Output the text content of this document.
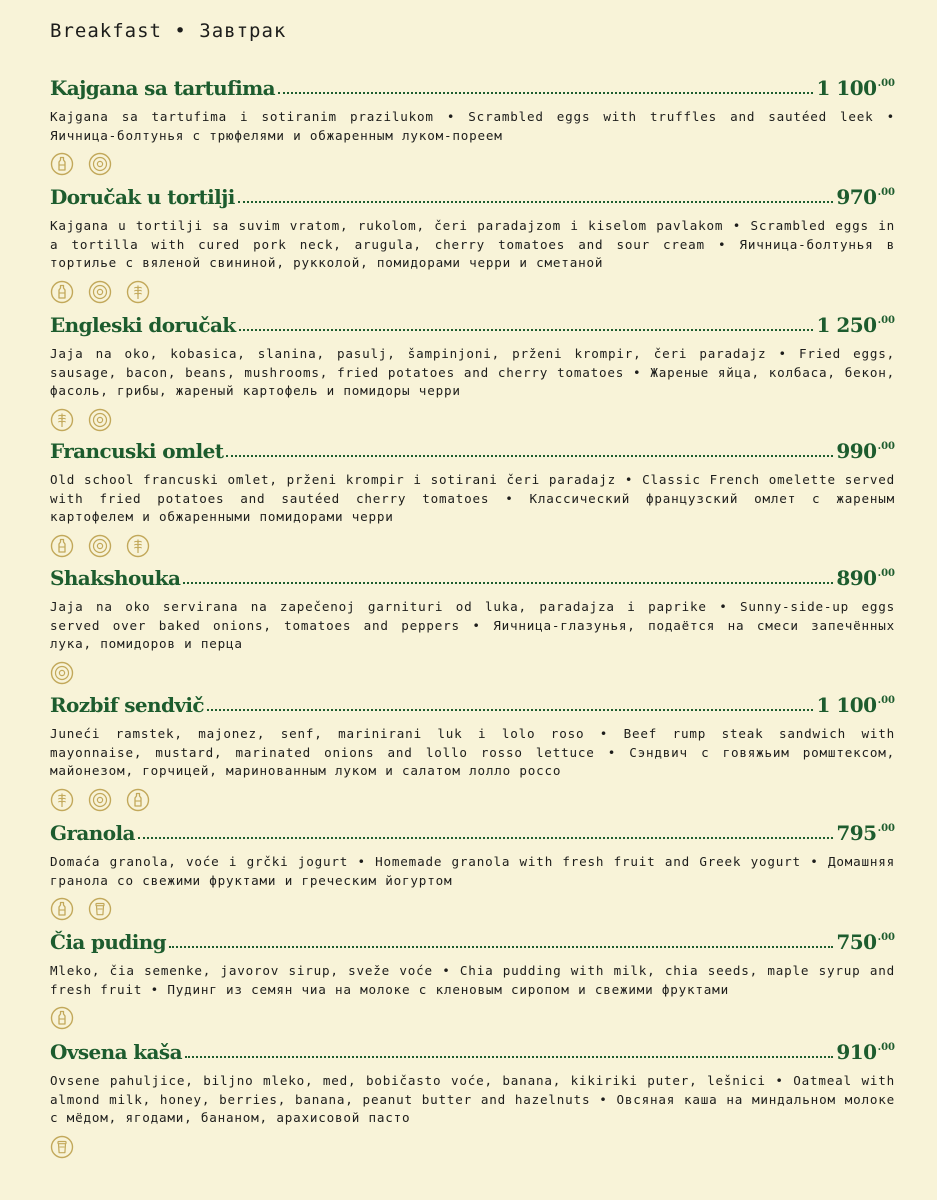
Breakfast • Завтрак
Kajgana sa tartufima	1 $100^{.00}$
Kajgana sa tartufima i sotiranim prazilukom • Scrambled eggs with truffles and sautéed leek • Яичница-болтунья с трюфелями и обжаренным луком-пореем
Doručak u tortilji	$970^{.00}$
Kajgana u tortilji sa suvim vratom, rukolom, čeri paradajzom i kiselom pavlakom • Scrambled eggs in a tortilla with cured pork neck, arugula, cherry tomatoes and sour cream • Яичница-болтунья в тортилье с вяленой свининой, рукколой, помидорами черри и сметаной
Engleski doručak	1 $250^{.00}$
Jaja na oko, kobasica, slanina, pasulj, šampinjoni, prženi krompir, čeri paradajz • Fried eggs, sausage, bacon, beans, mushrooms, fried potatoes and cherry tomatoes • Жареные яйца, колбаса, бекон, фасоль, грибы, жареный картофель и помидоры черри
Francuski omlet	$990^{.00}$
Old school francuski omlet, prženi krompir i sotirani čeri paradajz • Classic French omelette served with fried potatoes and sautéed cherry tomatoes • Классический французский омлет с жареным картофелем и обжаренными помидорами черри
Shakshouka	$890^{.00}$
Jaja na oko servirana na zapečenoj garnituri od luka, paradajza i paprike • Sunny-side-up eggs served over baked onions, tomatoes and peppers • Яичница-глазунья, подаётся на смеси запечённых лука, помидоров и перца
Rozbif sendvič	1 $100^{.00}$
Juneći ramstek, majonez, senf, marinirani luk i lolo roso • Beef rump steak sandwich with mayonnaise, mustard, marinated onions and lollo rosso lettuce • Сэндвич с говяжьим ромштексом, майонезом, горчицей, маринованным луком и салатом лолло россо
Granola	$795^{.00}$
Domaća granola, voće i grčki jogurt • Homemade granola with fresh fruit and Greek yogurt • Домашняя гранола со свежими фруктами и греческим йогуртом
Čia puding	$750^{.00}$
Mleko, čia semenke, javorov sirup, sveže voće • Chia pudding with milk, chia seeds, maple syrup and fresh fruit • Пудинг из семян чиа на молоке с кленовым сиропом и свежими фруктами
Ovsena kaša	$910^{.00}$
Ovsene pahuljice, biljno mleko, med, bobičasto voće, banana, kikiriki puter, lešnici • Oatmeal with almond milk, honey, berries, banana, peanut butter and hazelnuts • Овсяная каша на миндальном молоке с мёдом, ягодами, бананом, арахисовой пасто
